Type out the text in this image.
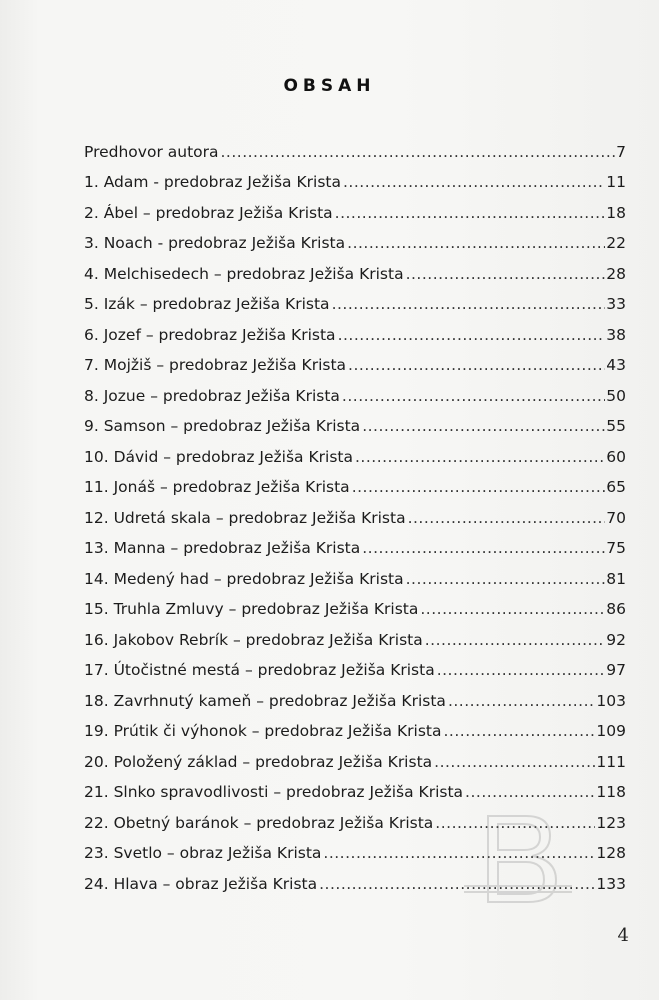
OBSAH
Predhovor autora .....	7
1. Adam - predobraz Ježiša Krista .....	11
2. Ábel – predobraz Ježiša Krista .....	18
3. Noach - predobraz Ježiša Krista .....	22
4. Melchisedech – predobraz Ježiša Krista .....	28
5. Izák – predobraz Ježiša Krista .....	33
6. Jozef – predobraz Ježiša Krista .....	38
7. Mojžiš – predobraz Ježiša Krista .....	43
8. Jozue – predobraz Ježiša Krista .....	50
9. Samson – predobraz Ježiša Krista .....	55
10. Dávid – predobraz Ježiša Krista .....	60
11. Jonáš – predobraz Ježiša Krista .....	65
12. Udretá skala – predobraz Ježiša Krista .....	70
13. Manna – predobraz Ježiša Krista .....	75
14. Medený had – predobraz Ježiša Krista .....	81
15. Truhla Zmluvy – predobraz Ježiša Krista .....	86
16. Jakobov Rebrík – predobraz Ježiša Krista .....	92
17. Útočistné mestá – predobraz Ježiša Krista .....	97
18. Zavrhnutý kameň – predobraz Ježiša Krista .....	103
19. Prútik či výhonok – predobraz Ježiša Krista .....	109
20. Položený základ – predobraz Ježiša Krista .....	111
21. Slnko spravodlivosti – predobraz Ježiša Krista .....	118
22. Obetný baránok – predobraz Ježiša Krista .....	123
23. Svetlo – obraz Ježiša Krista .....	128
24. Hlava – obraz Ježiša Krista .....	133
4
